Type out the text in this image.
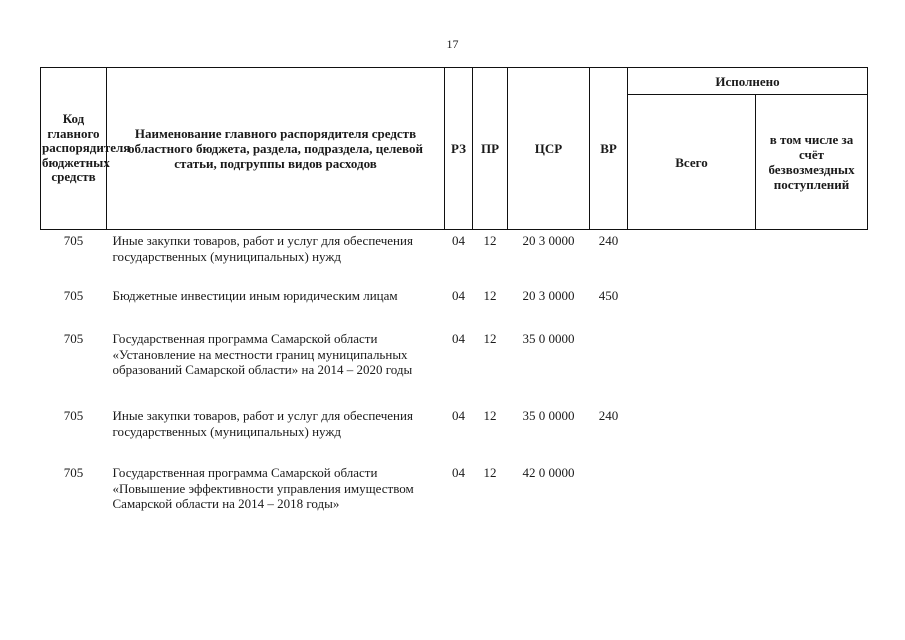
17
Код главного распорядителя бюджетных средств	Наименование главного распорядителя средств областного бюджета, раздела, подраздела, целевой статьи, подгруппы видов расходов	РЗ	ПР	ЦСР	ВР	Исполнено	
						Всего	в том числе за счёт безвозмездных поступлений
705	Иные закупки товаров, работ и услуг для обеспечения государственных (муниципальных) нужд	04	12	20 3 0000	240		
705	Бюджетные инвестиции иным юридическим лицам	04	12	20 3 0000	450		
705	Государственная программа Самарской области «Установление на местности границ муниципальных образований Самарской области» на 2014 – 2020 годы	04	12	35 0 0000			
705	Иные закупки товаров, работ и услуг для обеспечения государственных (муниципальных) нужд	04	12	35 0 0000	240		
705	Государственная программа Самарской области «Повышение эффективности управления имуществом Самарской области на 2014 – 2018 годы»	04	12	42 0 0000			
